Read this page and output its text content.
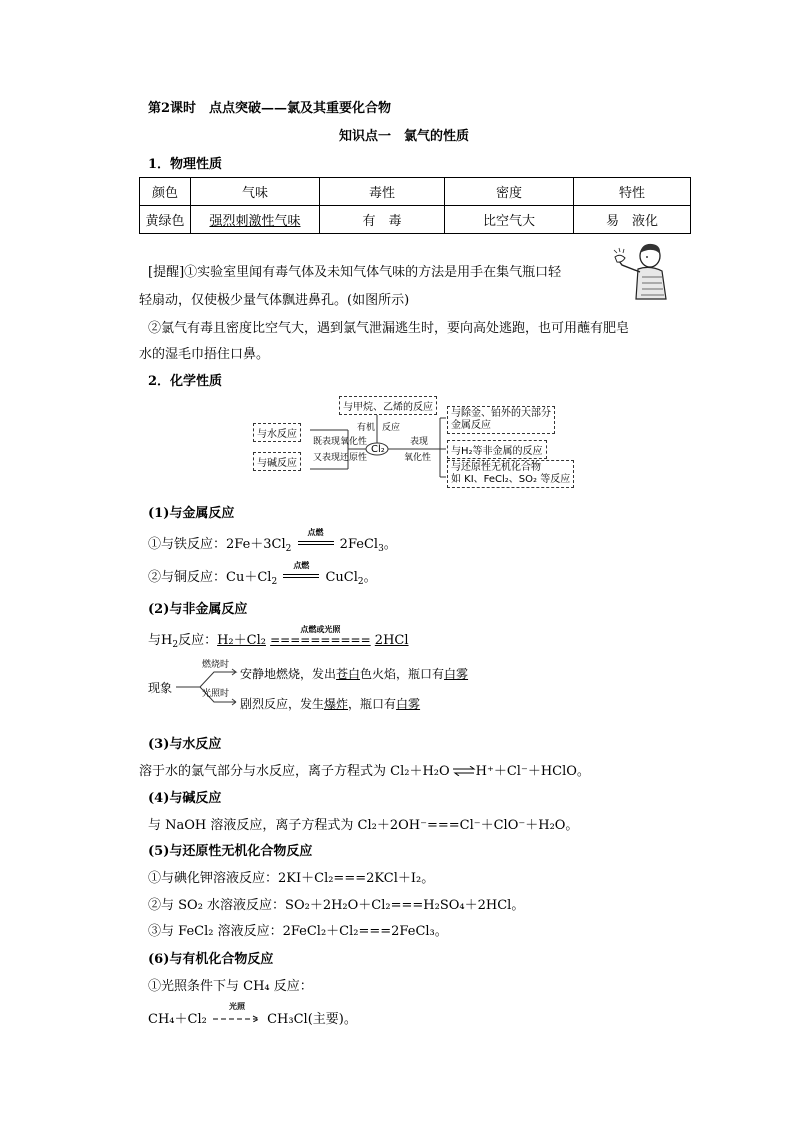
第2课时　点点突破——氯及其重要化合物
知识点一　氯气的性质
1．物理性质
颜色	气味	毒性	密度	特性
黄绿色	强烈刺激性气味	有　毒	比空气大	易　液化
[提醒]①实验室里闻有毒气体及未知气体气味的方法是用手在集气瓶口轻
轻扇动，仅使极少量气体飘进鼻孔。(如图所示)
②氯气有毒且密度比空气大，遇到氯气泄漏逃生时，要向高处逃跑，也可用蘸有肥皂
水的湿毛巾捂住口鼻。
2．化学性质
Cl₂
与甲烷、乙烯的反应
有机 反应
与水反应
与碱反应
既表现氧化性
又表现还原性
表现
氧化性
与除金、铂外的大部分
金属反应
与H₂等非金属的反应
与还原性无机化合物
如 KI、FeCl₂、SO₂ 等反应
(1)与金属反应
①与铁反应：$2Fe+3Cl_2$
点燃
2FeCl$_3$。
②与铜反应：$Cu+Cl_2$
点燃
CuCl$_2$。
(2)与非金属反应
与$H_2$反应：H₂＋Cl₂
点燃或光照
========== 2HCl
现象
燃烧时
光照时
安静地燃烧，发出苍白色火焰，瓶口有白雾
剧烈反应，发生爆炸，瓶口有白雾
(3)与水反应
溶于水的氯气部分与水反应，离子方程式为 Cl₂＋H₂O⇌H⁺＋Cl⁻＋HClO。
(4)与碱反应
与 NaOH 溶液反应，离子方程式为 Cl₂＋2OH⁻===Cl⁻＋ClO⁻＋H₂O。
(5)与还原性无机化合物反应
①与碘化钾溶液反应：2KI＋Cl₂===2KCl＋I₂。
②与 SO₂ 水溶液反应：SO₂＋2H₂O＋Cl₂===H₂SO₄＋2HCl。
③与 FeCl₂ 溶液反应：2FeCl₂＋Cl₂===2FeCl₃。
(6)与有机化合物反应
①光照条件下与 CH₄ 反应：
CH₄＋Cl₂
光照
CH₃Cl(主要)。
